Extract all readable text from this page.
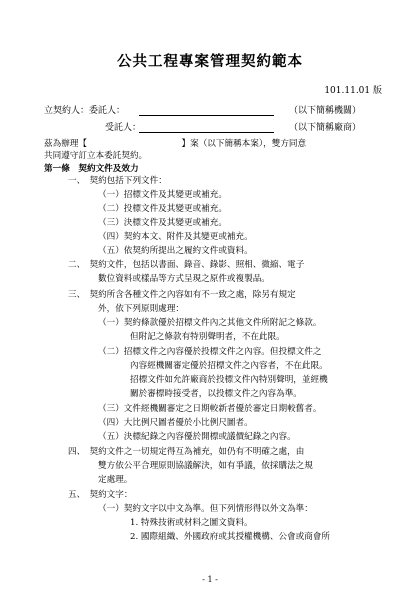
公共工程專案管理契約範本
101.11.01 版
立契約人：委託人：	（以下簡稱機關）
受託人：	（以下簡稱廠商）
茲為辦理【　　　　　　　　　　　】案（以下簡稱本案），雙方同意
共同遵守訂立本委託契約。
第一條　契約文件及效力
一、　契約包括下列文件：
（一）招標文件及其變更或補充。
（二）投標文件及其變更或補充。
（三）決標文件及其變更或補充。
（四）契約本文、附件及其變更或補充。
（五）依契約所提出之履約文件或資料。
二、　契約文件，包括以書面、錄音、錄影、照相、微縮、電子
數位資料或樣品等方式呈現之原件或複製品。
三、　契約所含各種文件之內容如有不一致之處，除另有規定
外，依下列原則處理：
（一）契約條款優於招標文件內之其他文件所附記之條款。
但附記之條款有特別聲明者，不在此限。
（二）招標文件之內容優於投標文件之內容。但投標文件之
內容經機關審定優於招標文件之內容者，不在此限。
招標文件如允許廠商於投標文件內特別聲明，並經機
關於審標時接受者，以投標文件之內容為準。
（三）文件經機關審定之日期較新者優於審定日期較舊者。
（四）大比例尺圖者優於小比例尺圖者。
（五）決標紀錄之內容優於開標或議價紀錄之內容。
四、　契約文件之一切規定得互為補充，如仍有不明確之處，由
雙方依公平合理原則協議解決，如有爭議，依採購法之規
定處理。
五、　契約文字：
（一）契約文字以中文為準。但下列情形得以外文為準：
1. 特殊技術或材料之圖文資料。
2. 國際組織、外國政府或其授權機構、公會或商會所
- 1 -
